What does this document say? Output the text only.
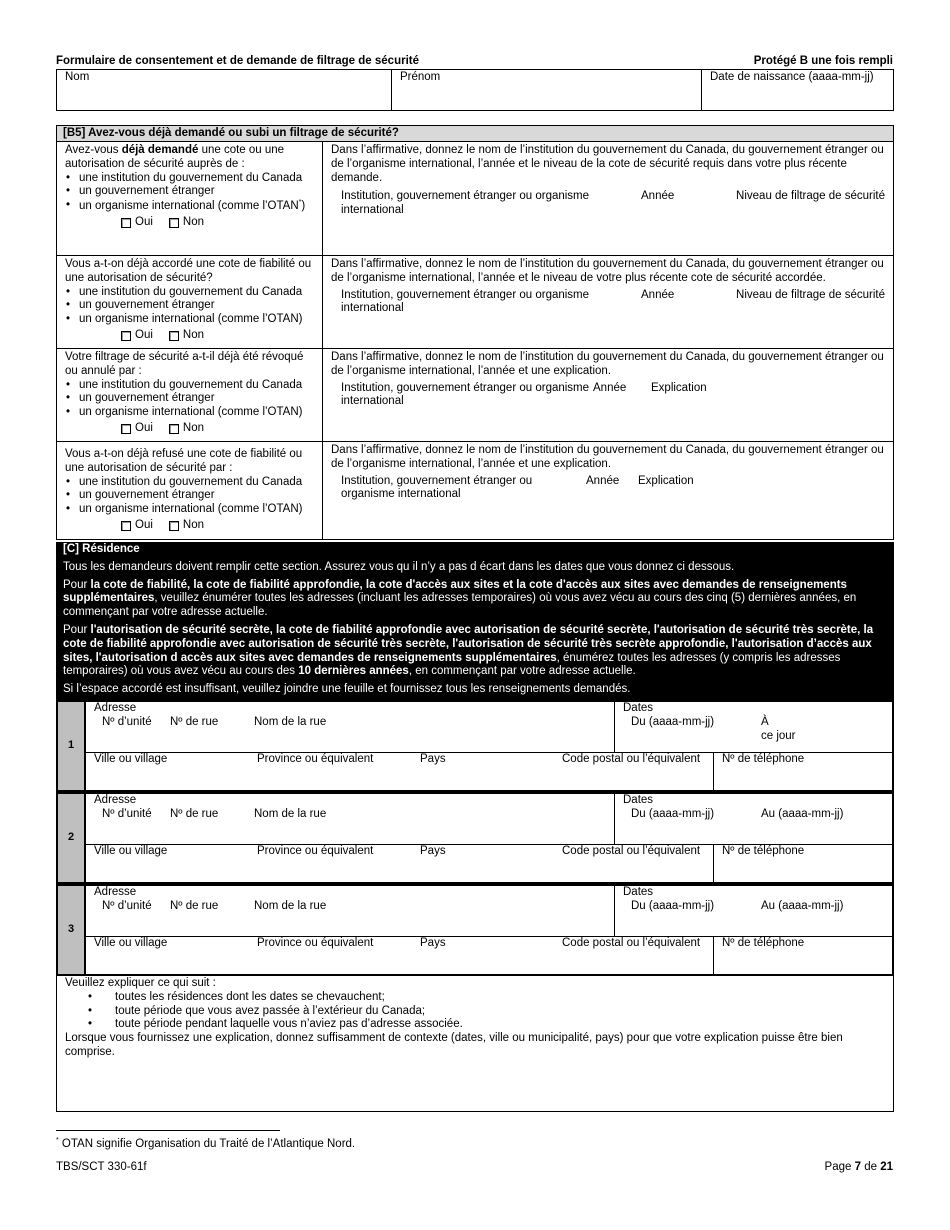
Formulaire de consentement et de demande de filtrage de sécurité	Protégé B une fois rempli
Nom	Prénom	Date de naissance (aaaa-mm-jj)
[B5] Avez-vous déjà demandé ou subi un filtrage de sécurité?
Avez-vous déjà demandé une cote ou une autorisation de sécurité auprès de :
• une institution du gouvernement du Canada
• un gouvernement étranger
• un organisme international (comme l’OTAN*)
Oui	Non
Dans l’affirmative, donnez le nom de l’institution du gouvernement du Canada, du gouvernement étranger ou de l’organisme international, l’année et le niveau de la cote de sécurité requis dans votre plus récente demande.
Institution, gouvernement étranger ou organisme international
Année	Niveau de filtrage de sécurité
Vous a-t-on déjà accordé une cote de fiabilité ou une autorisation de sécurité?
• une institution du gouvernement du Canada
• un gouvernement étranger
• un organisme international (comme l’OTAN)
Oui	Non
Dans l’affirmative, donnez le nom de l’institution du gouvernement du Canada, du gouvernement étranger ou de l’organisme international, l’année et le niveau de votre plus récente cote de sécurité accordée.
Institution, gouvernement étranger ou organisme international
Année	Niveau de filtrage de sécurité
Votre filtrage de sécurité a-t-il déjà été révoqué ou annulé par :
• une institution du gouvernement du Canada
• un gouvernement étranger
• un organisme international (comme l’OTAN)
Oui	Non
Dans l’affirmative, donnez le nom de l’institution du gouvernement du Canada, du gouvernement étranger ou de l’organisme international, l’année et une explication.
Institution, gouvernement étranger ou organisme international
Année	Explication
Vous a-t-on déjà refusé une cote de fiabilité ou une autorisation de sécurité par :
• une institution du gouvernement du Canada
• un gouvernement étranger
• un organisme international (comme l’OTAN)
Oui	Non
Dans l’affirmative, donnez le nom de l’institution du gouvernement du Canada, du gouvernement étranger ou de l’organisme international, l’année et une explication.
Institution, gouvernement étranger ou organisme international
Année	Explication

[C] Résidence

Tous les demandeurs doivent remplir cette section. Assurez vous qu il n’y a pas d écart dans les dates que vous donnez ci dessous.

Pour la cote de fiabilité, la cote de fiabilité approfondie, la cote d'accès aux sites et la cote d'accès aux sites avec demandes de renseignements supplémentaires, veuillez énumérer toutes les adresses (incluant les adresses temporaires) où vous avez vécu au cours des cinq (5) dernières années, en commençant par votre adresse actuelle.

Pour l'autorisation de sécurité secrète, la cote de fiabilité approfondie avec autorisation de sécurité secrète, l'autorisation de sécurité très secrète, la cote de fiabilité approfondie avec autorisation de sécurité très secrète, l'autorisation de sécurité très secrète approfondie, l'autorisation d’accès aux sites, l'autorisation d accès aux sites avec demandes de renseignements supplémentaires, énumérez toutes les adresses (y compris les adresses temporaires) où vous avez vécu au cours des 10 dernières années, en commençant par votre adresse actuelle.

Si l’espace accordé est insuffisant, veuillez joindre une feuille et fournissez tous les renseignements demandés.

1
Adresse
Nº d’unité Nº de rue	Nom de la rue
Dates
Du (aaaa-mm-jj)	À
ce jour
Ville ou village	Province ou équivalent	Pays	Code postal ou l’équivalent	Nº de téléphone
2
Adresse
Nº d’unité Nº de rue	Nom de la rue
Dates
Du (aaaa-mm-jj)	Au (aaaa-mm-jj)
Ville ou village	Province ou équivalent	Pays	Code postal ou l’équivalent	Nº de téléphone
3
Adresse
Nº d’unité Nº de rue	Nom de la rue
Dates
Du (aaaa-mm-jj)	Au (aaaa-mm-jj)
Ville ou village	Province ou équivalent	Pays	Code postal ou l’équivalent	Nº de téléphone
Veuillez expliquer ce qui suit :
• toutes les résidences dont les dates se chevauchent;
• toute période que vous avez passée à l’extérieur du Canada;
• toute période pendant laquelle vous n’aviez pas d’adresse associée.
Lorsque vous fournissez une explication, donnez suffisamment de contexte (dates, ville ou municipalité, pays) pour que votre explication puisse être bien comprise.
* OTAN signifie Organisation du Traité de l’Atlantique Nord.
TBS/SCT 330-61f	Page 7 de 21
